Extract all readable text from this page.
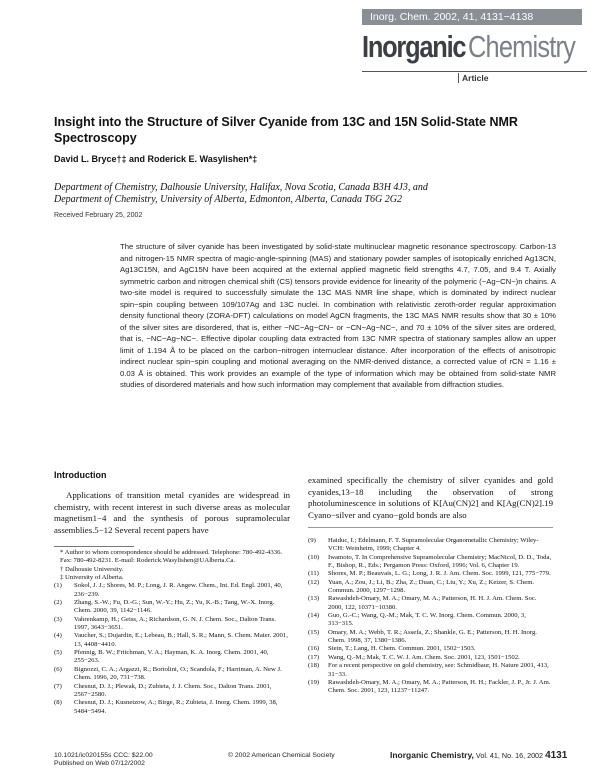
Inorg. Chem. 2002, 41, 4131−4138
Inorganic Chemistry
Article
Insight into the Structure of Silver Cyanide from 13C and 15N Solid-State NMR Spectroscopy
David L. Bryce†‡ and Roderick E. Wasylishen*‡
Department of Chemistry, Dalhousie University, Halifax, Nova Scotia, Canada B3H 4J3, and
Department of Chemistry, University of Alberta, Edmonton, Alberta, Canada T6G 2G2
Received February 25, 2002
The structure of silver cyanide has been investigated by solid-state multinuclear magnetic resonance spectroscopy. Carbon-13 and nitrogen-15 NMR spectra of magic-angle-spinning (MAS) and stationary powder samples of isotopically enriched Ag13CN, Ag13C15N, and AgC15N have been acquired at the external applied magnetic field strengths 4.7, 7.05, and 9.4 T. Axially symmetric carbon and nitrogen chemical shift (CS) tensors provide evidence for linearity of the polymeric (−Ag−CN−)n chains. A two-site model is required to successfully simulate the 13C MAS NMR line shape, which is dominated by indirect nuclear spin−spin coupling between 109/107Ag and 13C nuclei. In combination with relativistic zeroth-order regular approximation density functional theory (ZORA-DFT) calculations on model AgCN fragments, the 13C MAS NMR results show that 30 ± 10% of the silver sites are disordered, that is, either −NC−Ag−CN− or −CN−Ag−NC−, and 70 ± 10% of the silver sites are ordered, that is, −NC−Ag−NC−. Effective dipolar coupling data extracted from 13C NMR spectra of stationary samples allow an upper limit of 1.194 Å to be placed on the carbon−nitrogen internuclear distance. After incorporation of the effects of anisotropic indirect nuclear spin−spin coupling and motional averaging on the NMR-derived distance, a corrected value of rCN = 1.16 ± 0.03 Å is obtained. This work provides an example of the type of information which may be obtained from solid-state NMR studies of disordered materials and how such information may complement that available from diffraction studies.
Introduction

Applications of transition metal cyanides are widespread in chemistry, with recent interest in such diverse areas as molecular magnetism1−4 and the synthesis of porous supramolecular assemblies.5−12 Several recent papers have

examined specifically the chemistry of silver cyanides and gold cyanides,13−18 including the observation of strong photoluminescence in solutions of K[Au(CN)2] and K[Ag(CN)2].19 Cyano−silver and cyano−gold bonds are also

* Author to whom correspondence should be addressed. Telephone: 780-492-4336. Fax: 780-492-8231. E-mail: Roderick.Wasylishen@UAlberta.Ca.

† Dalhousie University.

‡ University of Alberta.

(1)	Sokol, J. J.; Shores, M. P.; Long, J. R. Angew. Chem., Int. Ed. Engl. 2001, 40, 236−239.

(2)	Zhang, S.-W.; Fu, D.-G.; Sun, W.-Y.; Hu, Z.; Yu, K.-B.; Tang, W.-X. Inorg. Chem. 2000, 39, 1142−1146.

(3)	Vahrenkamp, H.; Geiss, A.; Richardson, G. N. J. Chem. Soc., Dalton Trans. 1997, 3643−3651.

(4)	Vaucher, S.; Dujardin, E.; Lebeau, B.; Hall, S. R.; Mann, S. Chem. Mater. 2001, 13, 4408−4410.

(5)	Pfennig, B. W.; Fritchman, V. A.; Hayman, K. A. Inorg. Chem. 2001, 40, 255−263.

(6)	Bignozzi, C. A.; Argazzi, R.; Bortolini, O.; Scandola, F.; Harriman, A. New J. Chem. 1996, 20, 731−738.

(7)	Chesnut, D. J.; Plewak, D.; Zubieta, J. J. Chem. Soc., Dalton Trans. 2001, 2567−2580.

(8)	Chesnut, D. J.; Kusnetzow, A.; Birge, R.; Zubieta, J. Inorg. Chem. 1999, 38, 5484−5494.

(9)	Haiduc, I.; Edelmann, F. T. Supramolecular Organometallic Chemistry; Wiley-VCH: Weinheim, 1999; Chapter 4.

(10)	Iwamoto, T. In Comprehensive Supramolecular Chemistry; MacNicol, D. D., Toda, F., Bishop, R., Eds.; Pergamon Press: Oxford, 1996; Vol. 6, Chapter 19.

(11)	Shores, M. P.; Beauvais, L. G.; Long, J. R. J. Am. Chem. Soc. 1999, 121, 775−779.

(12)	Yuan, A.; Zou, J.; Li, B.; Zha, Z.; Duan, C.; Liu, Y.; Xu, Z.; Keizer, S. Chem. Commun. 2000, 1297−1298.

(13)	Rawashdeh-Omary, M. A.; Omary, M. A.; Patterson, H. H. J. Am. Chem. Soc. 2000, 122, 10371−10380.

(14)	Guo, G.-C.; Wang, Q.-M.; Mak, T. C. W. Inorg. Chem. Commun. 2000, 3, 313−315.

(15)	Omary, M. A.; Webb, T. R.; Assefa, Z.; Shankle, G. E.; Patterson, H. H. Inorg. Chem. 1998, 37, 1380−1386.

(16)	Stein, T.; Lang, H. Chem. Commun. 2001, 1502−1503.

(17)	Wang, Q.-M.; Mak, T. C. W. J. Am. Chem. Soc. 2001, 123, 1501−1502.

(18)	For a recent perspective on gold chemistry, see: Schmidbaur, H. Nature 2001, 413, 31−33.

(19)	Rawashdeh-Omary, M. A.; Omary, M. A.; Patterson, H. H.; Fackler, J. P., Jr. J. Am. Chem. Soc. 2001, 123, 11237−11247.

10.1021/ic020155s CCC: $22.00
Published on Web 07/12/2002
© 2002 American Chemical Society	Inorganic Chemistry, Vol. 41, No. 16, 2002 4131
